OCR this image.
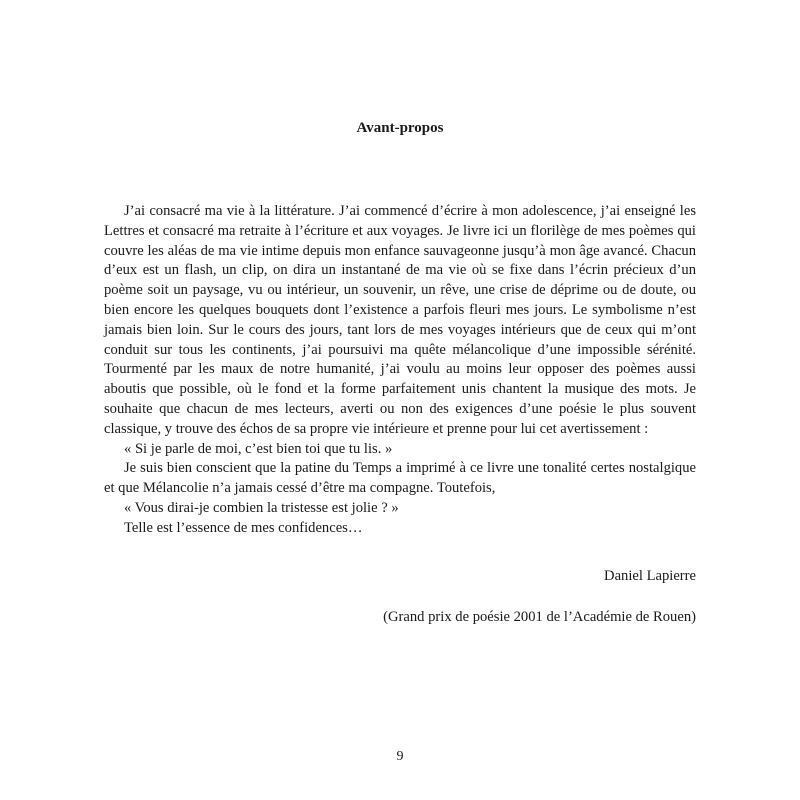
Avant-propos

J’ai consacré ma vie à la littérature. J’ai commencé d’écrire à mon adolescence, j’ai enseigné les Lettres et consacré ma retraite à l’écriture et aux voyages. Je livre ici un florilège de mes poèmes qui couvre les aléas de ma vie intime depuis mon enfance sauvageonne jusqu’à mon âge avancé. Chacun d’eux est un flash, un clip, on dira un instantané de ma vie où se fixe dans l’écrin précieux d’un poème soit un paysage, vu ou intérieur, un souvenir, un rêve, une crise de déprime ou de doute, ou bien encore les quelques bouquets dont l’existence a parfois fleuri mes jours. Le symbolisme n’est jamais bien loin. Sur le cours des jours, tant lors de mes voyages intérieurs que de ceux qui m’ont conduit sur tous les continents, j’ai poursuivi ma quête mélancolique d’une impossible sérénité. Tourmenté par les maux de notre humanité, j’ai voulu au moins leur opposer des poèmes aussi aboutis que possible, où le fond et la forme parfaitement unis chantent la musique des mots. Je souhaite que chacun de mes lecteurs, averti ou non des exigences d’une poésie le plus souvent classique, y trouve des échos de sa propre vie intérieure et prenne pour lui cet avertissement :

« Si je parle de moi, c’est bien toi que tu lis. »

Je suis bien conscient que la patine du Temps a imprimé à ce livre une tonalité certes nostalgique et que Mélancolie n’a jamais cessé d’être ma compagne. Toutefois,

« Vous dirai-je combien la tristesse est jolie ? »

Telle est l’essence de mes confidences…

Daniel Lapierre
(Grand prix de poésie 2001 de l’Académie de Rouen)
9
